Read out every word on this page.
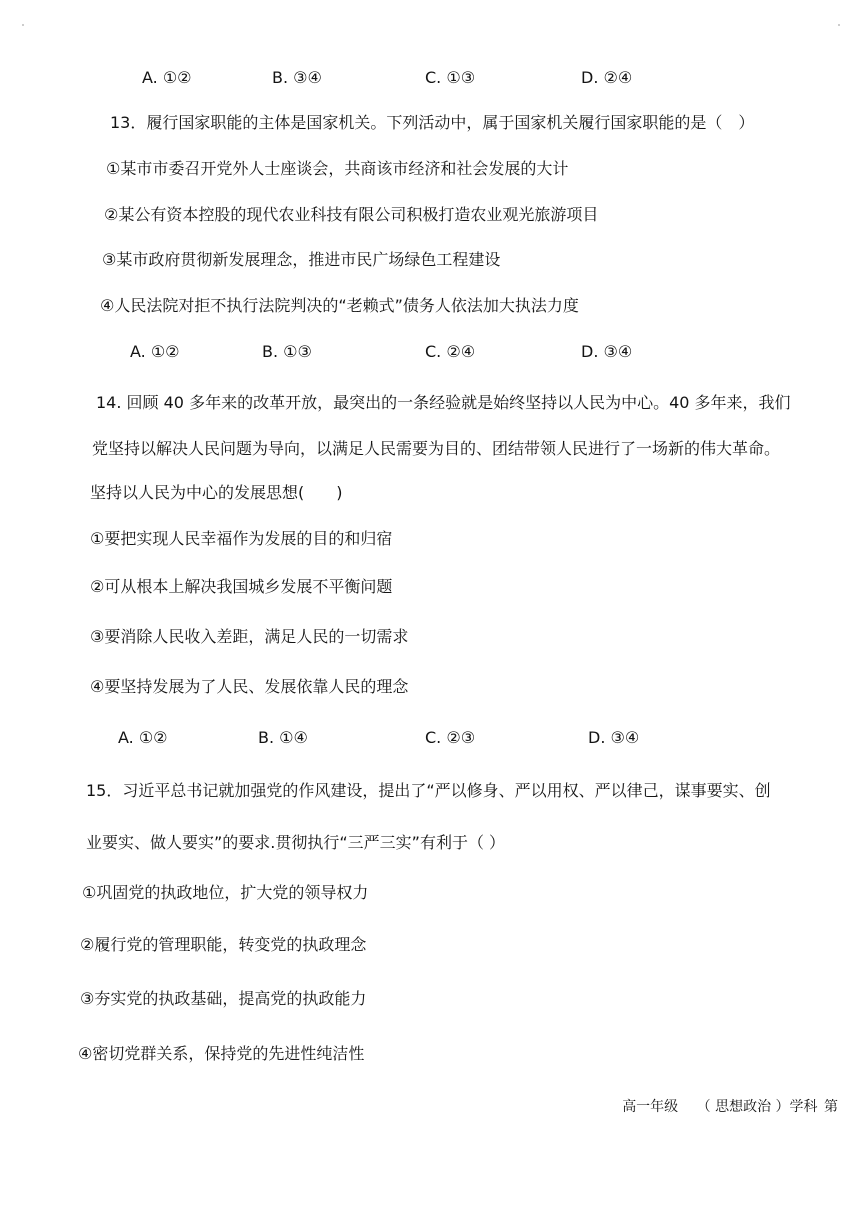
A. ①②	B. ③④	C. ①③	D. ②④
13．履行国家职能的主体是国家机关。下列活动中，属于国家机关履行国家职能的是（　）
①某市市委召开党外人士座谈会，共商该市经济和社会发展的大计
②某公有资本控股的现代农业科技有限公司积极打造农业观光旅游项目
③某市政府贯彻新发展理念，推进市民广场绿色工程建设
④人民法院对拒不执行法院判决的“老赖式”债务人依法加大执法力度
A. ①②	B. ①③	C. ②④	D. ③④
14. 回顾 40 多年来的改革开放，最突出的一条经验就是始终坚持以人民为中心。40 多年来，我们
党坚持以解决人民问题为导向，以满足人民需要为目的、团结带领人民进行了一场新的伟大革命。
坚持以人民为中心的发展思想(　　)
①要把实现人民幸福作为发展的目的和归宿
②可从根本上解决我国城乡发展不平衡问题
③要消除人民收入差距，满足人民的一切需求
④要坚持发展为了人民、发展依靠人民的理念
A. ①②	B. ①④	C. ②③	D. ③④
15．习近平总书记就加强党的作风建设，提出了“严以修身、严以用权、严以律己，谋事要实、创
业要实、做人要实”的要求.贯彻执行“三严三实”有利于（ ）
①巩固党的执政地位，扩大党的领导权力
②履行党的管理职能，转变党的执政理念
③夯实党的执政基础，提高党的执政能力
④密切党群关系，保持党的先进性纯洁性
高一年级 （ 思想政治 ）学科 第
